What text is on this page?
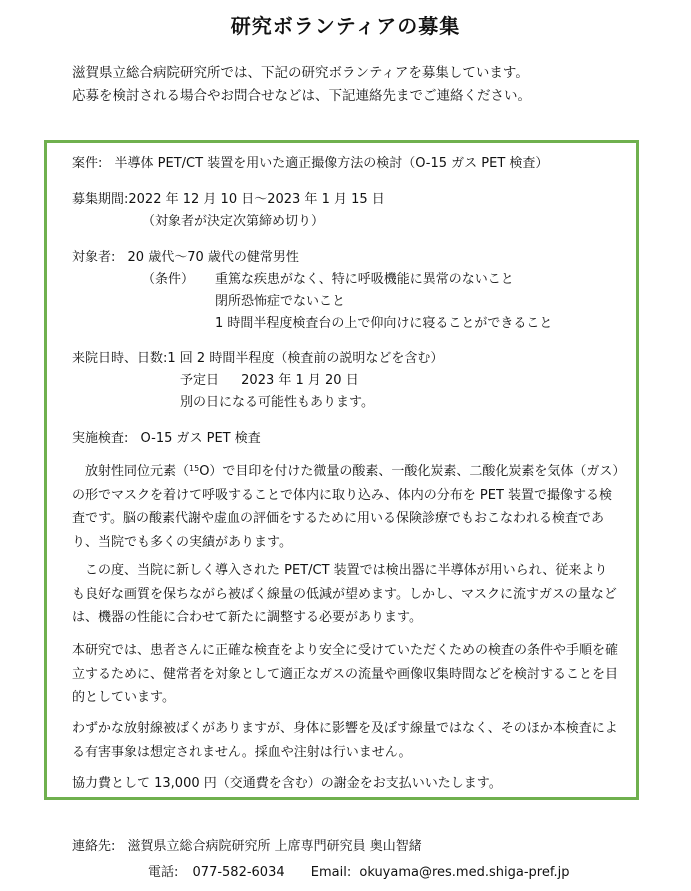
研究ボランティアの募集
滋賀県立総合病院研究所では、下記の研究ボランティアを募集しています。
応募を検討される場合やお問合せなどは、下記連絡先までご連絡ください。
案件: 半導体 PET/CT 装置を用いた適正撮像方法の検討（O-15 ガス PET 検査）
募集期間:2022 年 12 月 10 日～2023 年 1 月 15 日
（対象者が決定次第締め切り）
対象者: 20 歳代～70 歳代の健常男性
（条件） 重篤な疾患がなく、特に呼吸機能に異常のないこと
閉所恐怖症でないこと
1 時間半程度検査台の上で仰向けに寝ることができること
来院日時、日数:1 回 2 時間半程度（検査前の説明などを含む）
予定日 2023 年 1 月 20 日
別の日になる可能性もあります。
実施検査: O-15 ガス PET 検査
放射性同位元素（$^{15}$O）で目印を付けた微量の酸素、一酸化炭素、二酸化炭素を気体（ガス）の形でマスクを着けて呼吸することで体内に取り込み、体内の分布を PET 装置で撮像する検査です。脳の酸素代謝や虚血の評価をするために用いる保険診療でもおこなわれる検査であり、当院でも多くの実績があります。
この度、当院に新しく導入された PET/CT 装置では検出器に半導体が用いられ、従来よりも良好な画質を保ちながら被ばく線量の低減が望めます。しかし、マスクに流すガスの量などは、機器の性能に合わせて新たに調整する必要があります。
本研究では、患者さんに正確な検査をより安全に受けていただくための検査の条件や手順を確立するために、健常者を対象として適正なガスの流量や画像収集時間などを検討することを目的としています。
わずかな放射線被ばくがありますが、身体に影響を及ぼす線量ではなく、そのほか本検査による有害事象は想定されません。採血や注射は行いません。
協力費として 13,000 円（交通費を含む）の謝金をお支払いいたします。
連絡先: 滋賀県立総合病院研究所 上席専門研究員 奥山智緒
電話: 077-582-6034 Email: okuyama@res.med.shiga-pref.jp
